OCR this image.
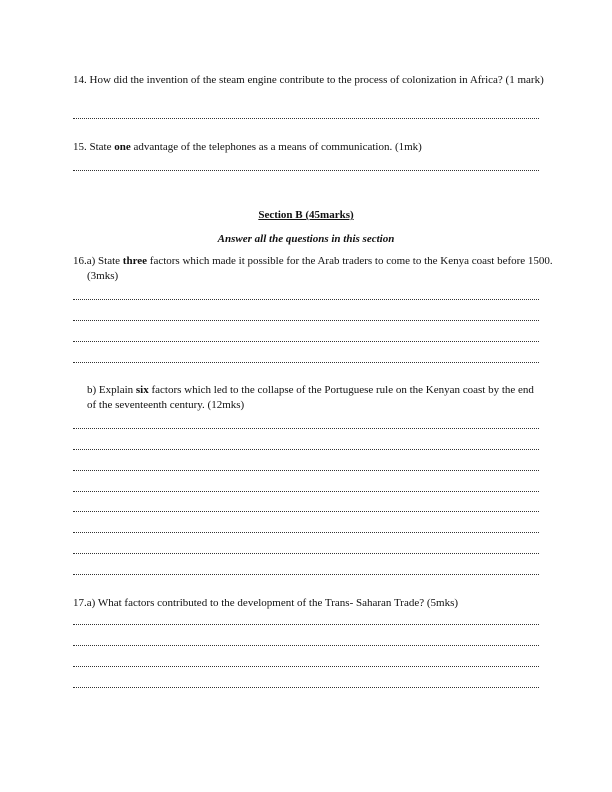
14. How did the invention of the steam engine contribute to the process of colonization in Africa? (1 mark)
15. State one advantage of the telephones as a means of communication. (1mk)
Section B (45marks)
Answer all the questions in this section
16.a) State three factors which made it possible for the Arab traders to come to the Kenya coast before 1500. (3mks)
b) Explain six factors which led to the collapse of the Portuguese rule on the Kenyan coast by the end of the seventeenth century. (12mks)
17.a) What factors contributed to the development of the Trans- Saharan Trade? (5mks)
